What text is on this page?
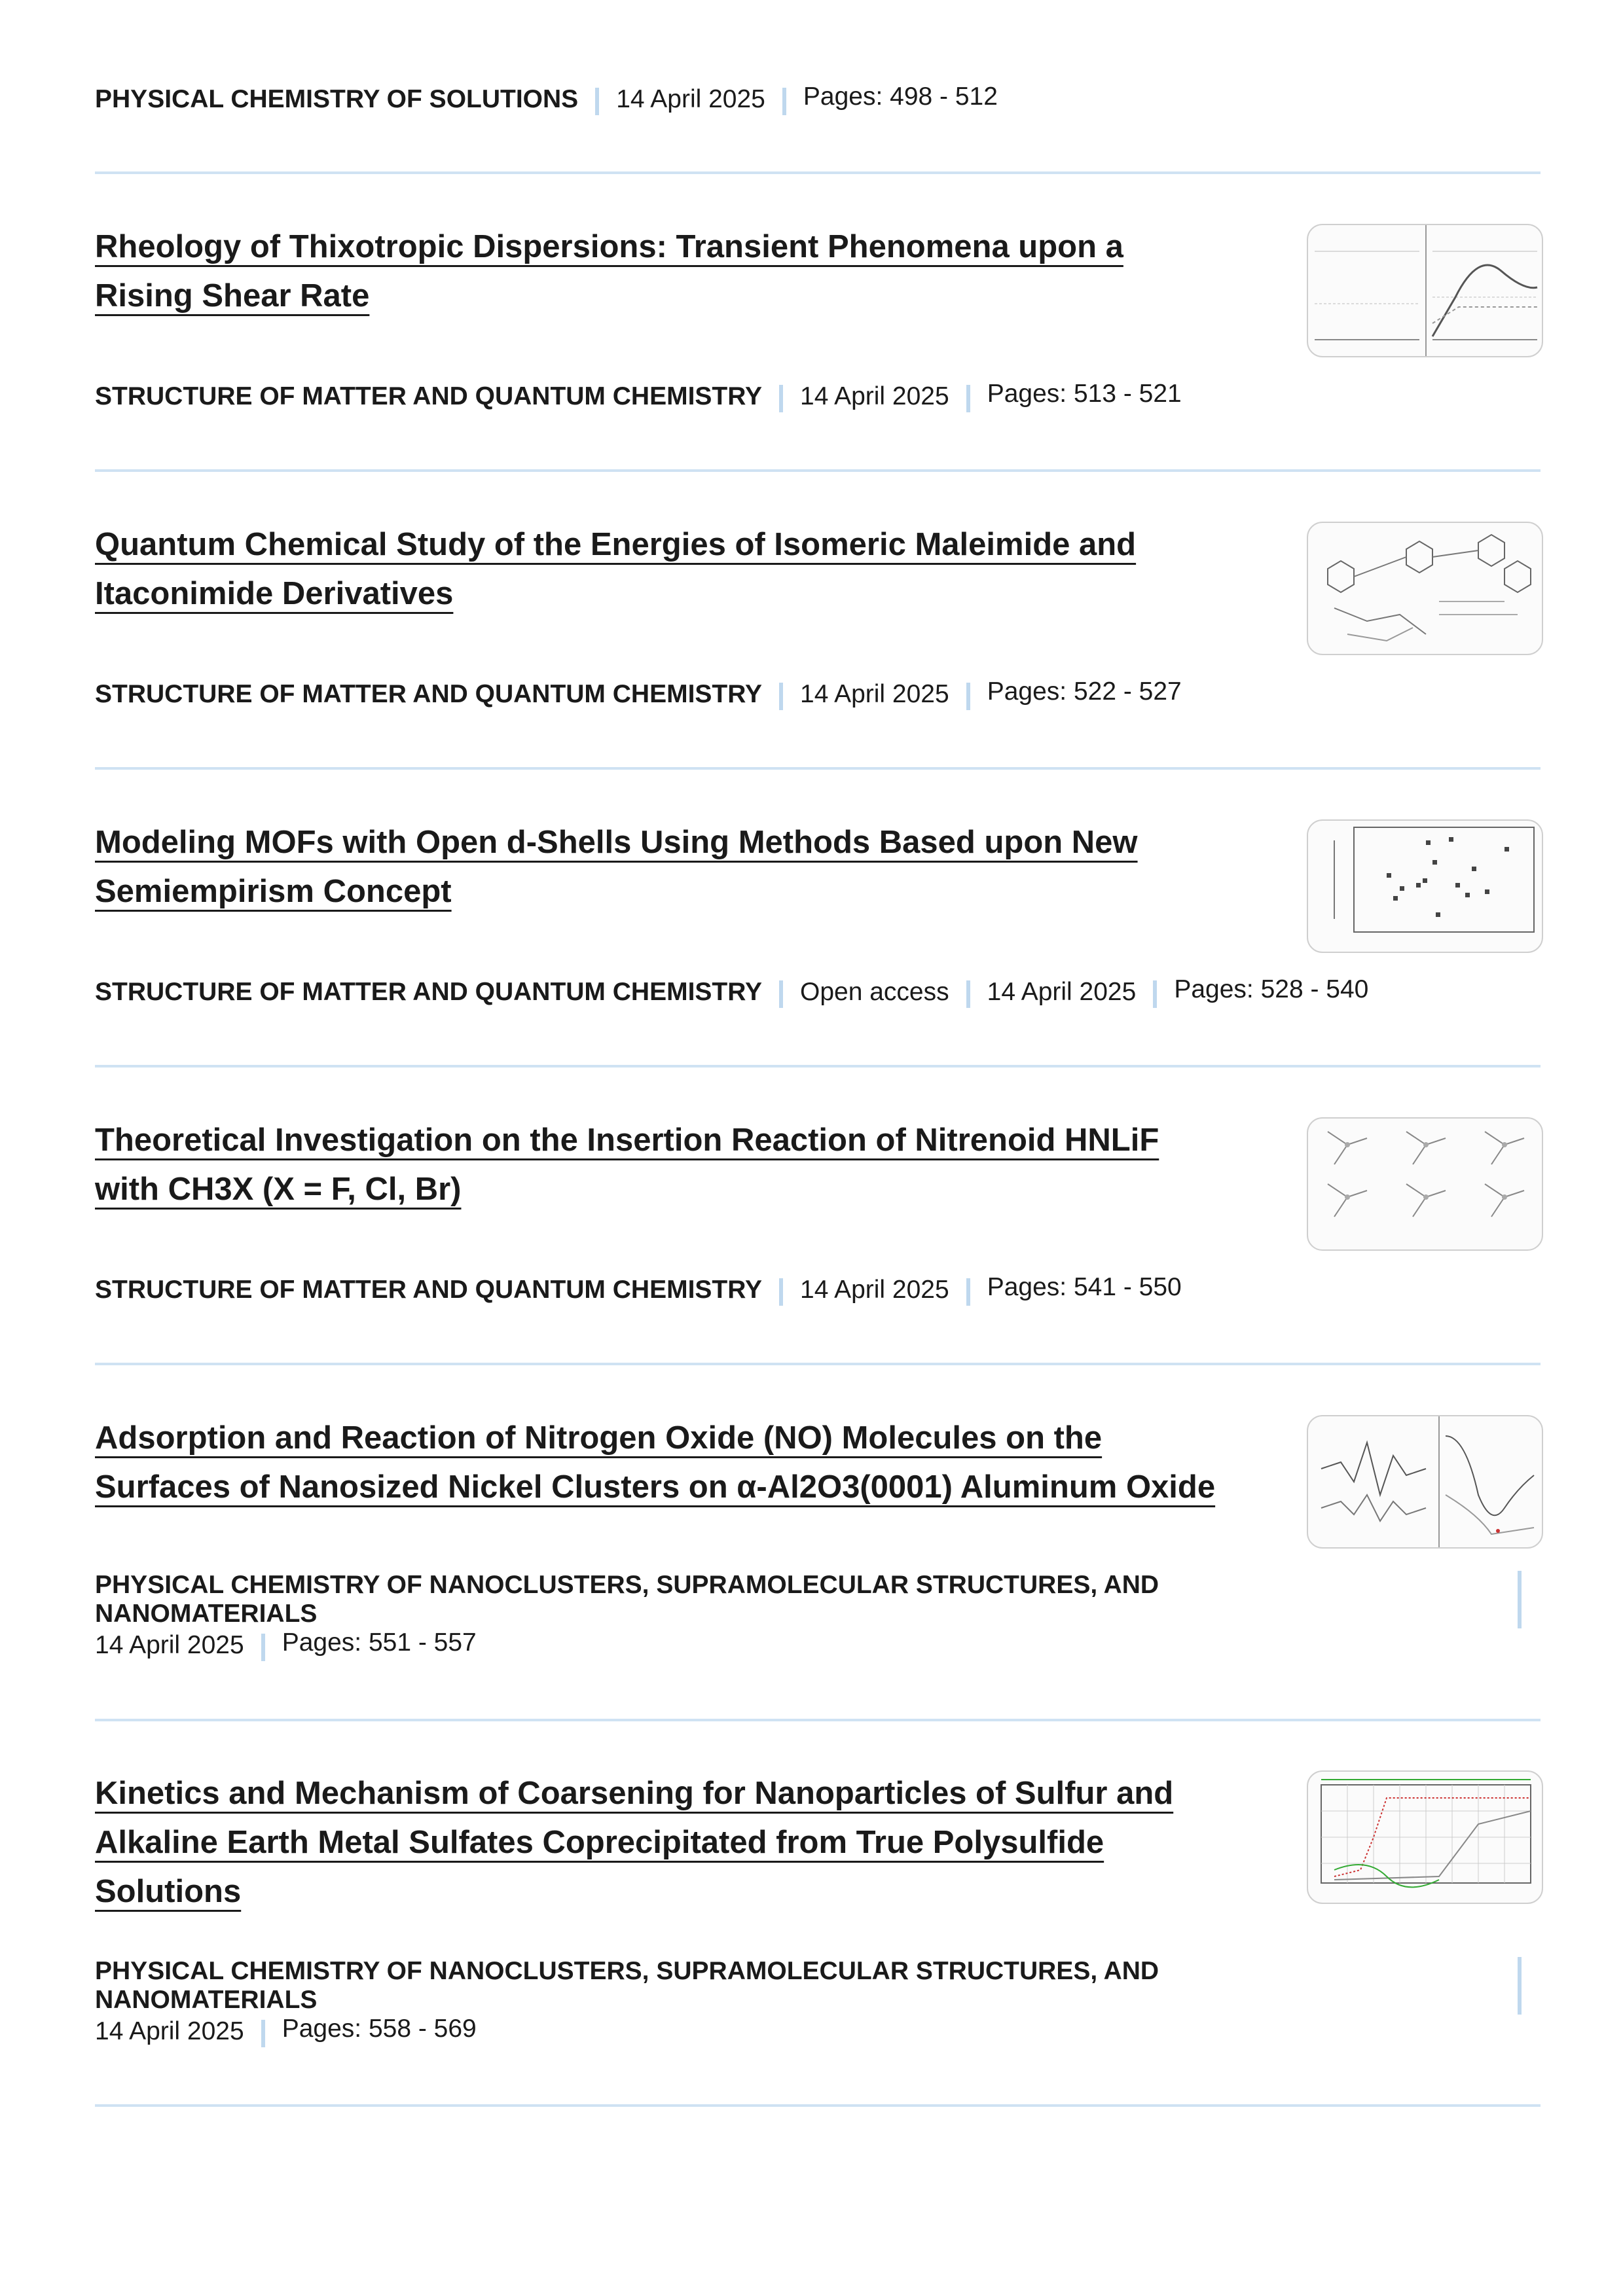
PHYSICAL CHEMISTRY OF SOLUTIONS 14 April 2025 Pages: 498 - 512
Rheology of Thixotropic Dispersions: Transient Phenomena upon a
Rising Shear Rate
STRUCTURE OF MATTER AND QUANTUM CHEMISTRY 14 April 2025 Pages: 513 - 521
Quantum Chemical Study of the Energies of Isomeric Maleimide and
Itaconimide Derivatives
STRUCTURE OF MATTER AND QUANTUM CHEMISTRY 14 April 2025 Pages: 522 - 527
Modeling MOFs with Open d-Shells Using Methods Based upon New
Semiempirism Concept
STRUCTURE OF MATTER AND QUANTUM CHEMISTRY Open access 14 April 2025 Pages: 528 - 540
Theoretical Investigation on the Insertion Reaction of Nitrenoid HNLiF
with CH3X (X = F, Cl, Br)
STRUCTURE OF MATTER AND QUANTUM CHEMISTRY 14 April 2025 Pages: 541 - 550
Adsorption and Reaction of Nitrogen Oxide (NO) Molecules on the
Surfaces of Nanosized Nickel Clusters on α-Al2O3(0001) Aluminum Oxide
PHYSICAL CHEMISTRY OF NANOCLUSTERS, SUPRAMOLECULAR STRUCTURES, AND NANOMATERIALS
14 April 2025 Pages: 551 - 557
Kinetics and Mechanism of Coarsening for Nanoparticles of Sulfur and
Alkaline Earth Metal Sulfates Coprecipitated from True Polysulfide
Solutions
PHYSICAL CHEMISTRY OF NANOCLUSTERS, SUPRAMOLECULAR STRUCTURES, AND NANOMATERIALS
14 April 2025 Pages: 558 - 569
